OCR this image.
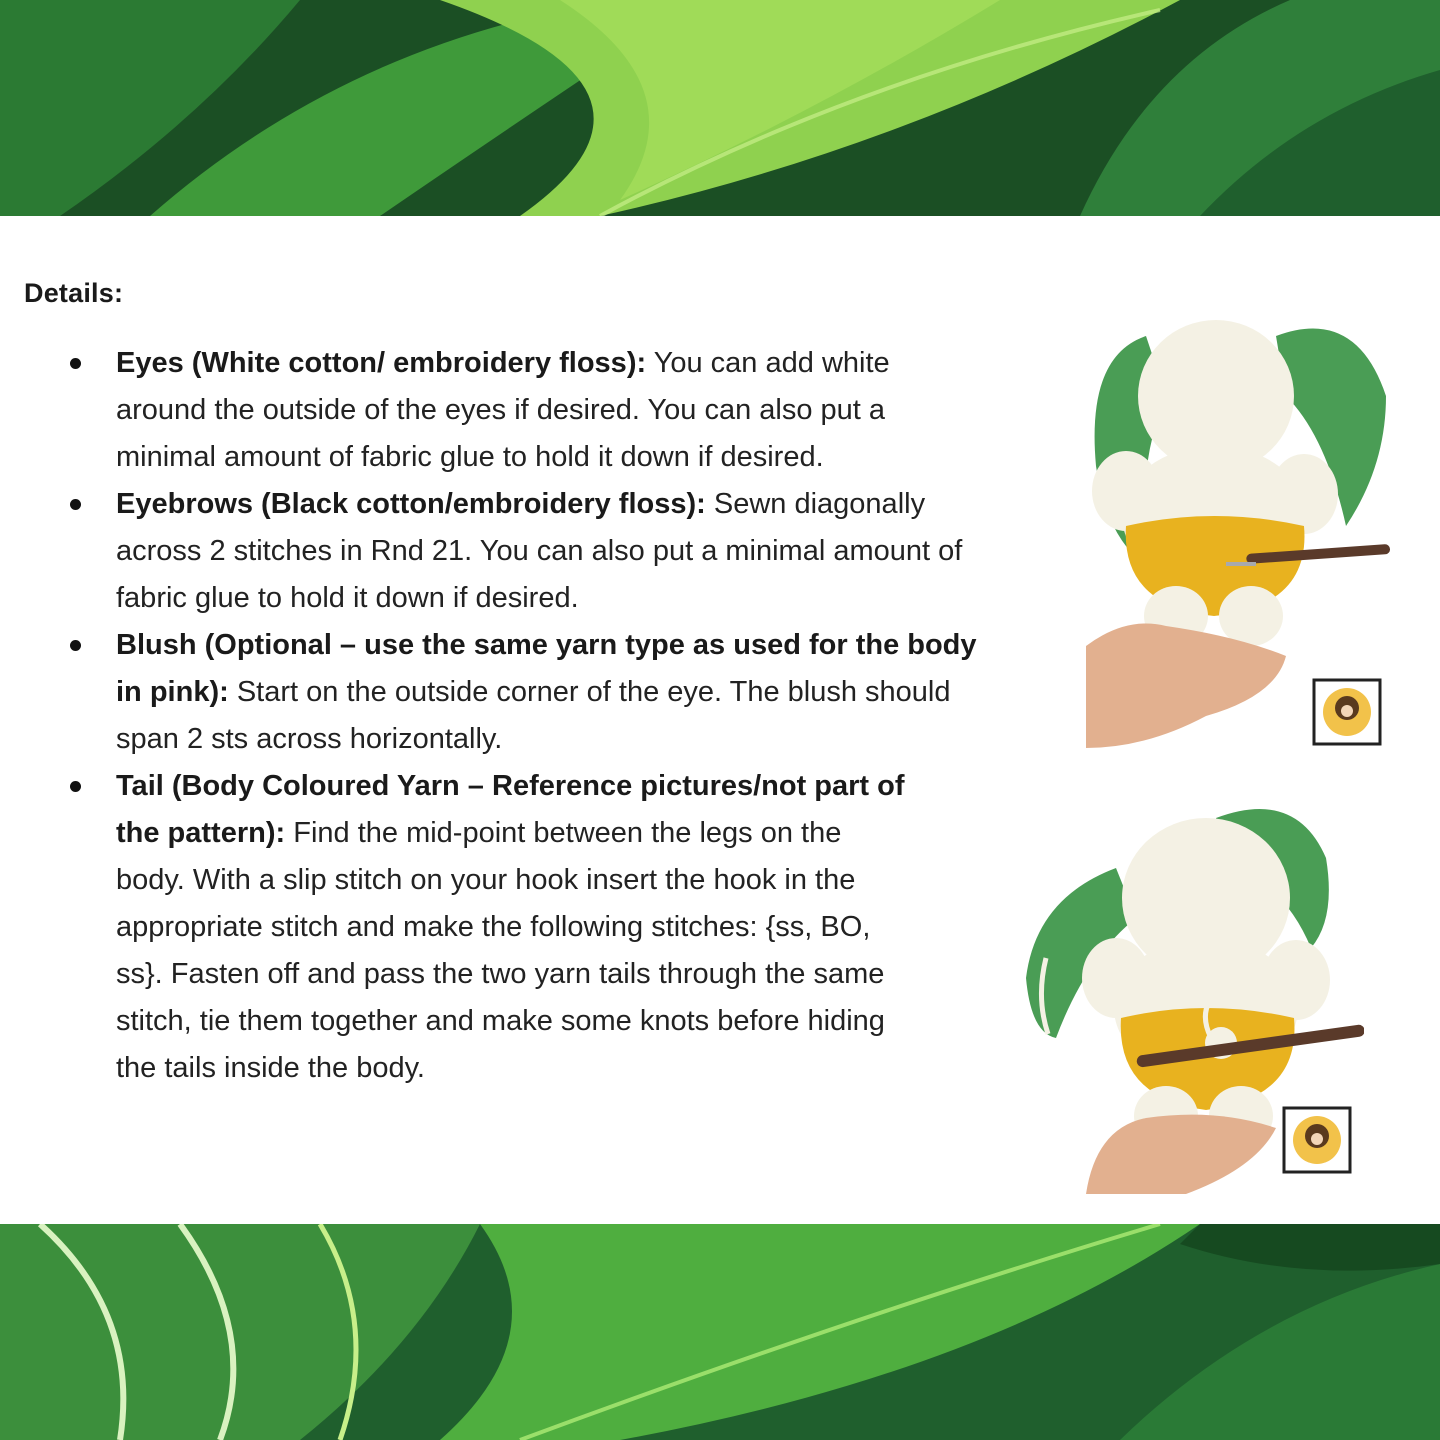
Details:
Eyes (White cotton/ embroidery floss): You can add white
around the outside of the eyes if desired. You can also put a
minimal amount of fabric glue to hold it down if desired.
Eyebrows (Black cotton/embroidery floss): Sewn diagonally
across 2 stitches in Rnd 21. You can also put a minimal amount of
fabric glue to hold it down if desired.
Blush (Optional – use the same yarn type as used for the body
in pink): Start on the outside corner of the eye. The blush should
span 2 sts across horizontally.
Tail (Body Coloured Yarn – Reference pictures/not part of
the pattern): Find the mid-point between the legs on the
body. With a slip stitch on your hook insert the hook in the
appropriate stitch and make the following stitches: {ss, BO,
ss}. Fasten off and pass the two yarn tails through the same
stitch, tie them together and make some knots before hiding
the tails inside the body.
